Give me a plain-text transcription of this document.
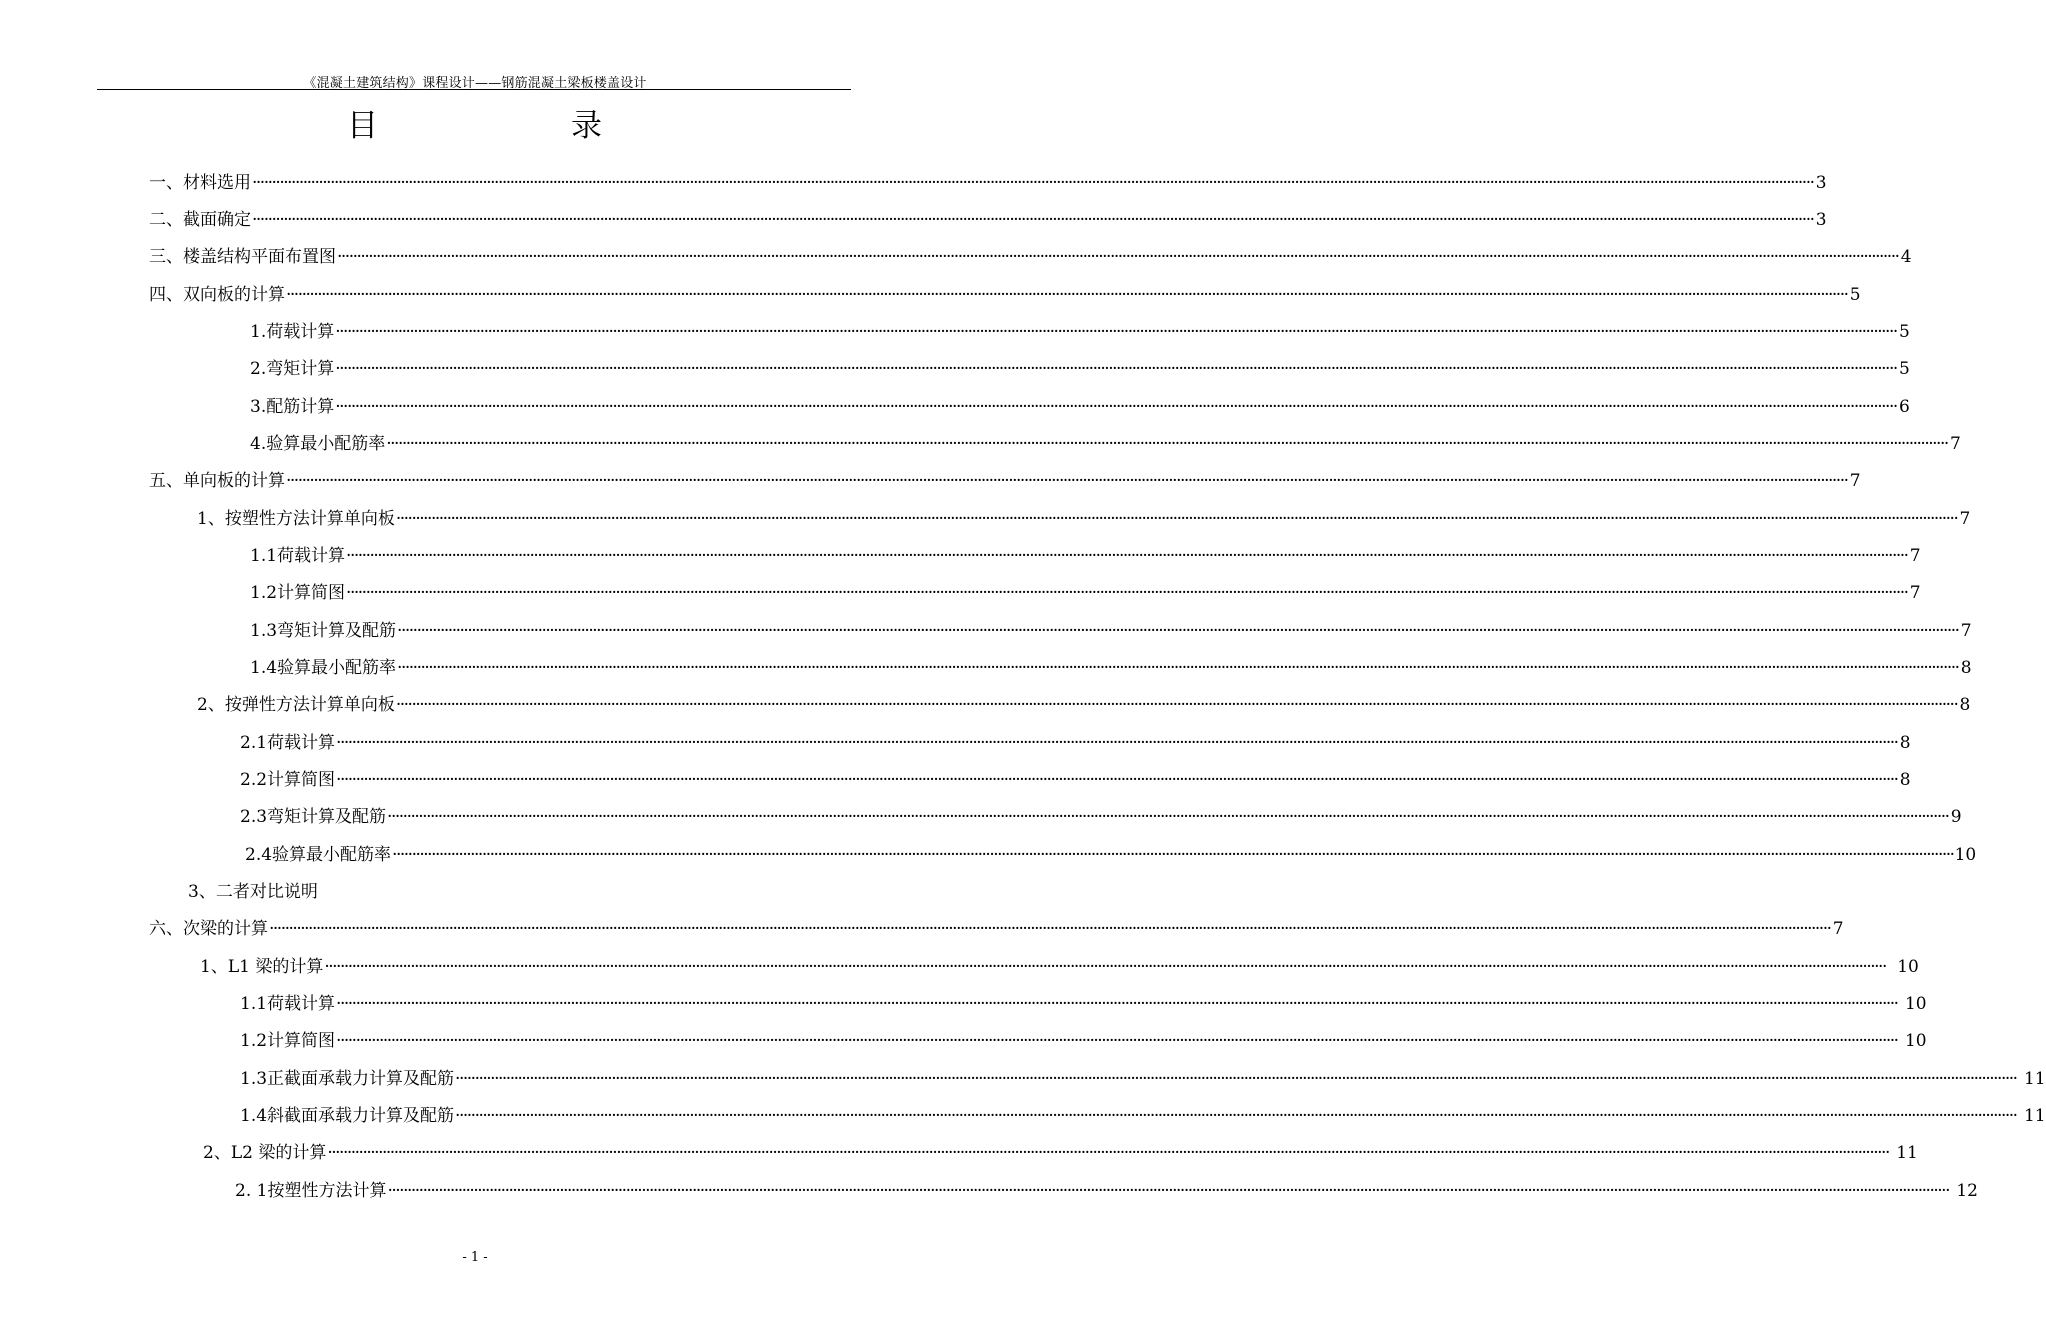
《混凝土建筑结构》课程设计——钢筋混凝土梁板楼盖设计
目	录
一、材料选用 ················································································································································································································································································································································································································ 3
二、截面确定 ················································································································································································································································································································································································································ 3
三、楼盖结构平面布置图 ················································································································································································································································································································································································································ 4
四、双向板的计算 ················································································································································································································································································································································································································ 5
1. 荷载计算 ················································································································································································································································································································································································································ 5
2. 弯矩计算 ················································································································································································································································································································································································································ 5
3. 配筋计算 ················································································································································································································································································································································································································ 6
4. 验算最小配筋率 ················································································································································································································································································································································································································ 7
五、单向板的计算 ················································································································································································································································································································································································································ 7
1、按塑性方法计算单向板 ················································································································································································································································································································································································································ 7
1.1 荷载计算 ················································································································································································································································································································································································································ 7
1.2 计算简图 ················································································································································································································································································································································································································ 7
1.3 弯矩计算及配筋 ················································································································································································································································································································································································································ 7
1.4 验算最小配筋率 ················································································································································································································································································································································································································ 8
2、按弹性方法计算单向板 ················································································································································································································································································································································································································ 8
2.1 荷载计算 ················································································································································································································································································································································································································ 8
2.2 计算简图 ················································································································································································································································································································································································································ 8
2.3 弯矩计算及配筋 ················································································································································································································································································································································································································ 9
2.4 验算最小配筋率 ················································································································································································································································································································································································································ 10
3、二者对比说明
六、次梁的计算 ················································································································································································································································································································································································································ 7
1、L1 梁的计算 ················································································································································································································································································································································································································ 10
1.1 荷载计算 ················································································································································································································································································································································································································ 10
1.2 计算简图 ················································································································································································································································································································································································································ 10
1.3 正截面承载力计算及配筋 ················································································································································································································································································································································································································ 11
1.4 斜截面承载力计算及配筋 ················································································································································································································································································································································································································ 11
2、L2 梁的计算 ················································································································································································································································································································································································································ 11
2. 1 按塑性方法计算 ················································································································································································································································································································································································································ 12
- 1 -
